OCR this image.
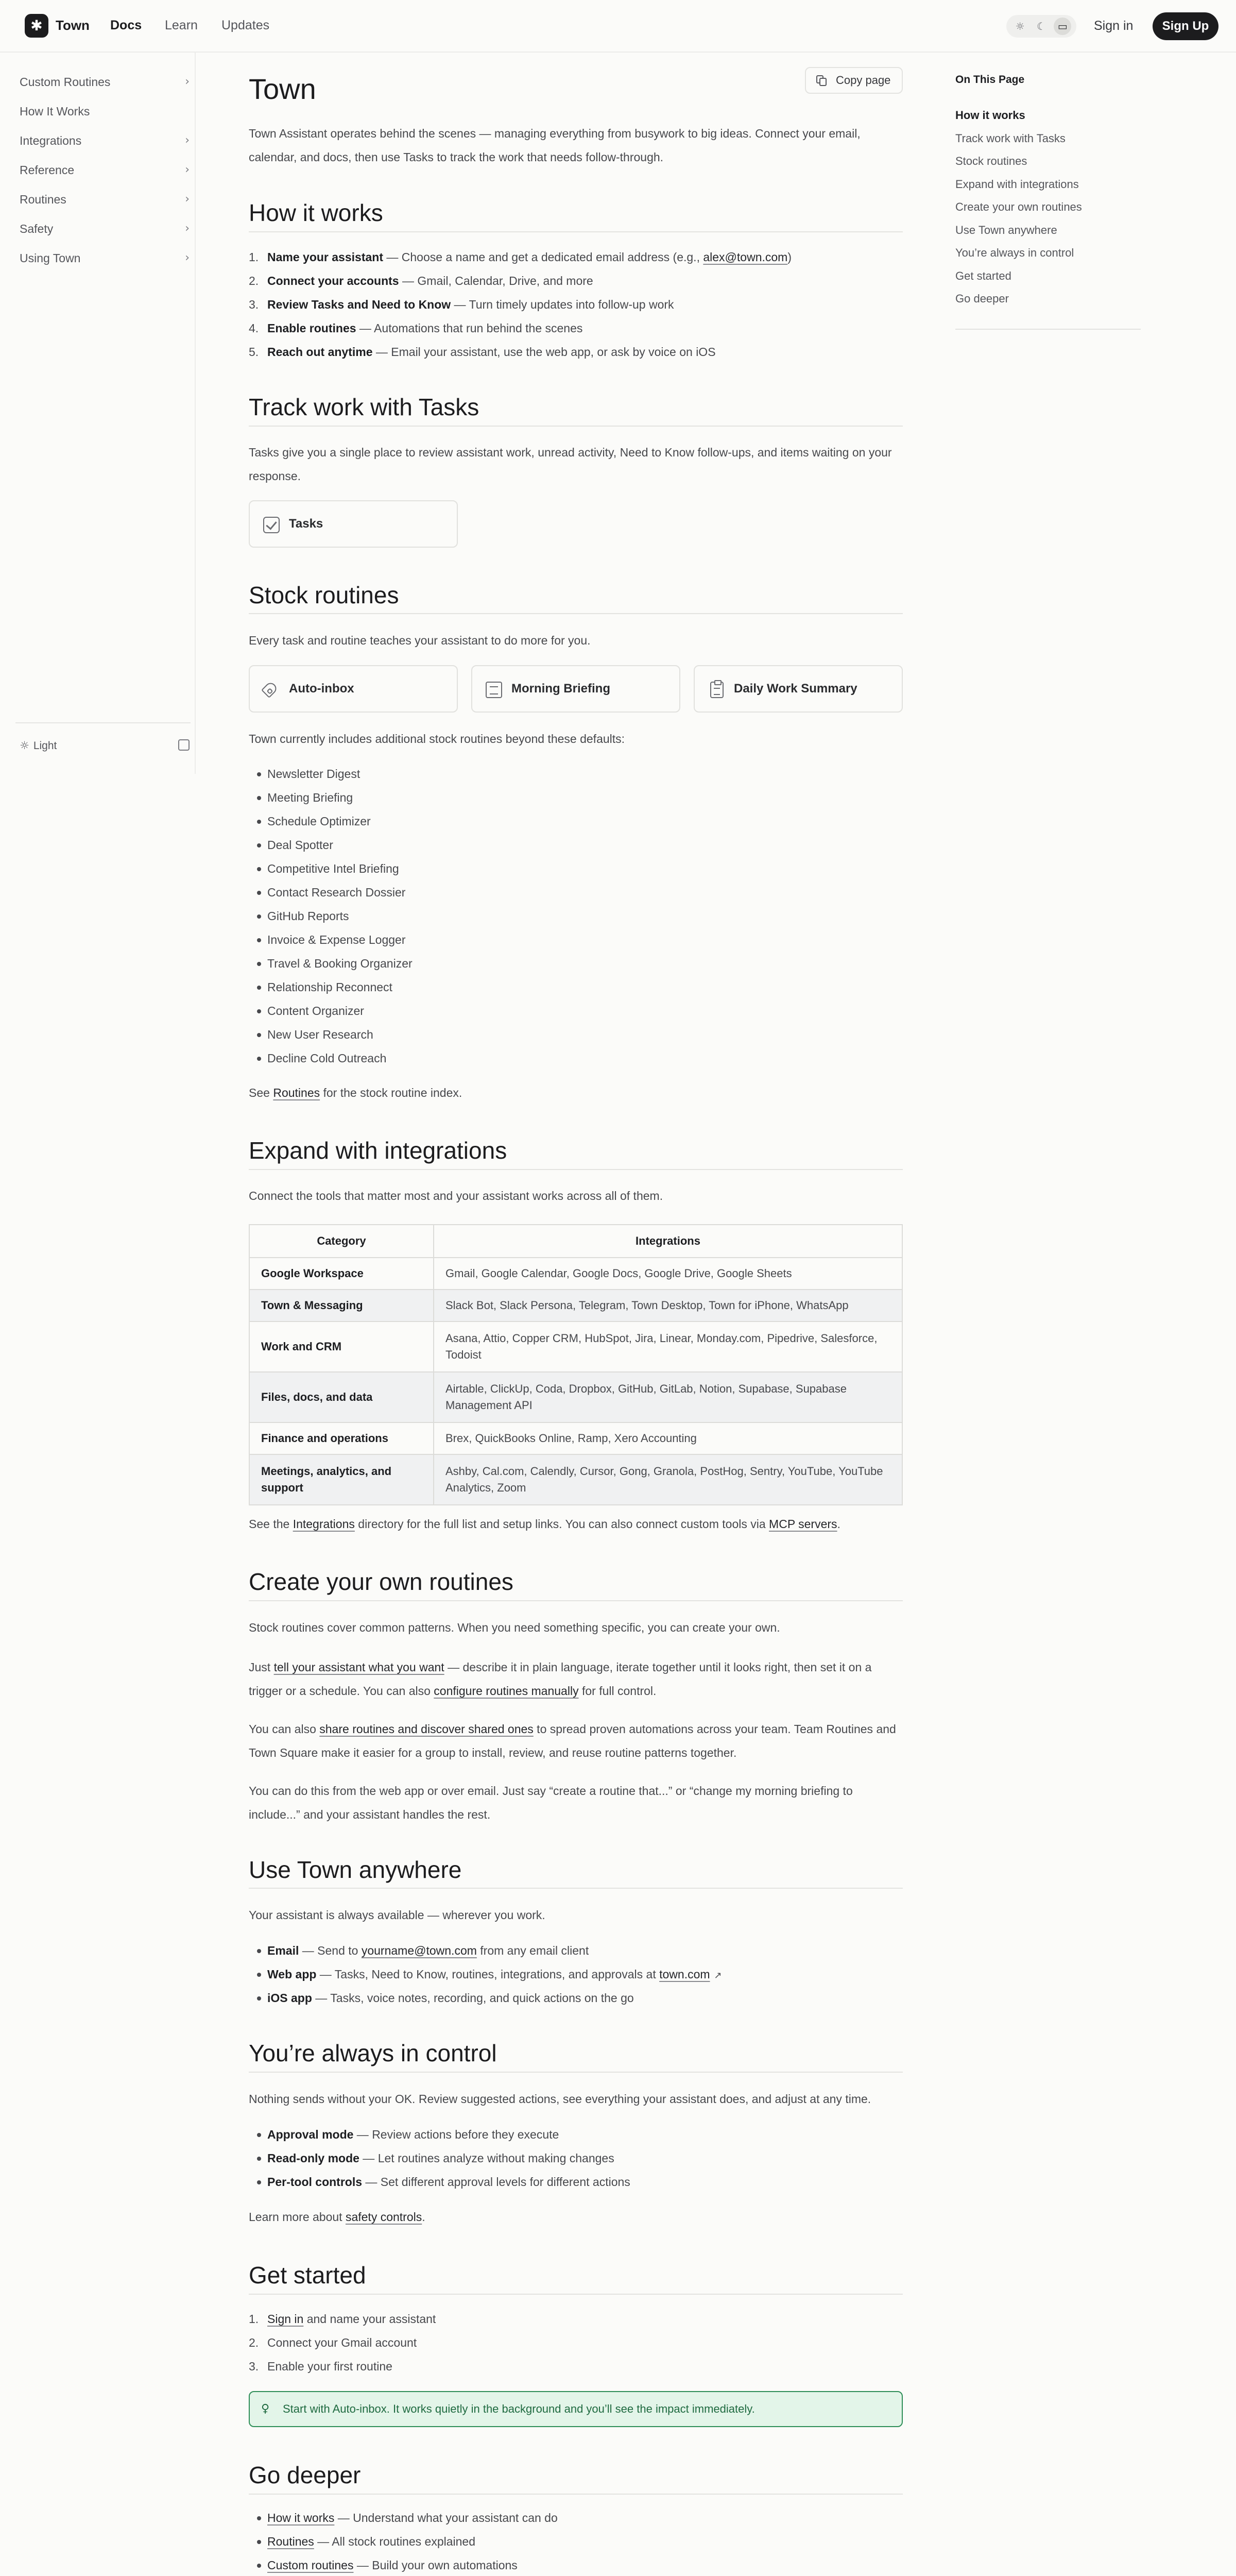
✱ Town Docs Learn Updates	☼	☾	▭	Sign in	Sign Up
Custom Routines	›
How It Works
Integrations	›
Reference	›
Routines	›
Safety	›
Using Town	›
☼ Light
Town	Copy page
Town Assistant operates behind the scenes — managing everything from busywork to big ideas. Connect your email, calendar, and docs, then use Tasks to track the work that needs follow-through.
How it works
1. Name your assistant — Choose a name and get a dedicated email address (e.g., alex@town.com)
2. Connect your accounts — Gmail, Calendar, Drive, and more
3. Review Tasks and Need to Know — Turn timely updates into follow-up work
4. Enable routines — Automations that run behind the scenes
5. Reach out anytime — Email your assistant, use the web app, or ask by voice on iOS
Track work with Tasks
Tasks give you a single place to review assistant work, unread activity, Need to Know follow-ups, and items waiting on your response.
Tasks
Stock routines
Every task and routine teaches your assistant to do more for you.
Auto-inbox	Morning Briefing	Daily Work Summary
Town currently includes additional stock routines beyond these defaults:
Newsletter Digest
Meeting Briefing
Schedule Optimizer
Deal Spotter
Competitive Intel Briefing
Contact Research Dossier
GitHub Reports
Invoice & Expense Logger
Travel & Booking Organizer
Relationship Reconnect
Content Organizer
New User Research
Decline Cold Outreach
See Routines for the stock routine index.
Expand with integrations
Connect the tools that matter most and your assistant works across all of them.
Category	Integrations
Google Workspace	Gmail, Google Calendar, Google Docs, Google Drive, Google Sheets
Town & Messaging	Slack Bot, Slack Persona, Telegram, Town Desktop, Town for iPhone, WhatsApp
Work and CRM	Asana, Attio, Copper CRM, HubSpot, Jira, Linear, Monday.com, Pipedrive, Salesforce, Todoist
Files, docs, and data	Airtable, ClickUp, Coda, Dropbox, GitHub, GitLab, Notion, Supabase, Supabase Management API
Finance and operations	Brex, QuickBooks Online, Ramp, Xero Accounting
Meetings, analytics, and support	Ashby, Cal.com, Calendly, Cursor, Gong, Granola, PostHog, Sentry, YouTube, YouTube Analytics, Zoom
See the Integrations directory for the full list and setup links. You can also connect custom tools via MCP servers.
Create your own routines
Stock routines cover common patterns. When you need something specific, you can create your own.
Just tell your assistant what you want — describe it in plain language, iterate together until it looks right, then set it on a trigger or a schedule. You can also configure routines manually for full control.
You can also share routines and discover shared ones to spread proven automations across your team. Team Routines and Town Square make it easier for a group to install, review, and reuse routine patterns together.
You can do this from the web app or over email. Just say “create a routine that...” or “change my morning briefing to include...” and your assistant handles the rest.
Use Town anywhere
Your assistant is always available — wherever you work.
Email — Send to yourname@town.com from any email client
Web app — Tasks, Need to Know, routines, integrations, and approvals at town.com ↗
iOS app — Tasks, voice notes, recording, and quick actions on the go
You’re always in control
Nothing sends without your OK. Review suggested actions, see everything your assistant does, and adjust at any time.
Approval mode — Review actions before they execute
Read-only mode — Let routines analyze without making changes
Per-tool controls — Set different approval levels for different actions
Learn more about safety controls.
Get started
1. Sign in and name your assistant
2. Connect your Gmail account
3. Enable your first routine
♀ Start with Auto-inbox. It works quietly in the background and you’ll see the impact immediately.
Go deeper
How it works — Understand what your assistant can do
Routines — All stock routines explained
Custom routines — Build your own automations
On This Page
How it works
Track work with Tasks
Stock routines
Expand with integrations
Create your own routines
Use Town anywhere
You’re always in control
Get started
Go deeper
